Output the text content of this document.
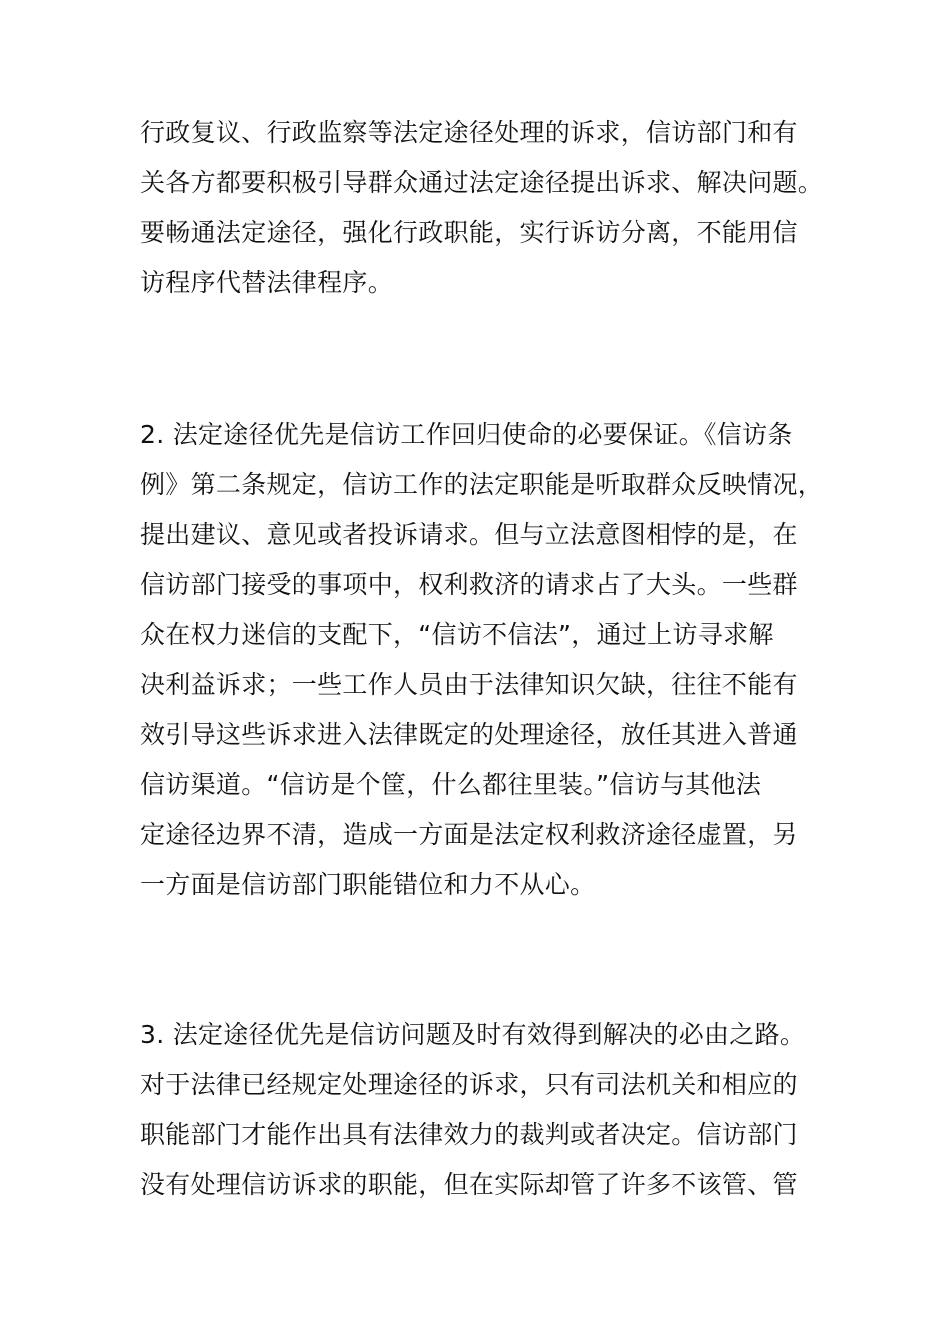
行政复议、行政监察等法定途径处理的诉求，信访部门和有
关各方都要积极引导群众通过法定途径提出诉求、解决问题。
要畅通法定途径，强化行政职能，实行诉访分离，不能用信
访程序代替法律程序。
2. 法定途径优先是信访工作回归使命的必要保证。《信访条
例》第二条规定，信访工作的法定职能是听取群众反映情况，
提出建议、意见或者投诉请求。但与立法意图相悖的是，在
信访部门接受的事项中，权利救济的请求占了大头。一些群
众在权力迷信的支配下，“信访不信法”，通过上访寻求解
决利益诉求；一些工作人员由于法律知识欠缺，往往不能有
效引导这些诉求进入法律既定的处理途径，放任其进入普通
信访渠道。“信访是个筐，什么都往里装。”信访与其他法
定途径边界不清，造成一方面是法定权利救济途径虚置，另
一方面是信访部门职能错位和力不从心。
3. 法定途径优先是信访问题及时有效得到解决的必由之路。
对于法律已经规定处理途径的诉求，只有司法机关和相应的
职能部门才能作出具有法律效力的裁判或者决定。信访部门
没有处理信访诉求的职能，但在实际却管了许多不该管、管
